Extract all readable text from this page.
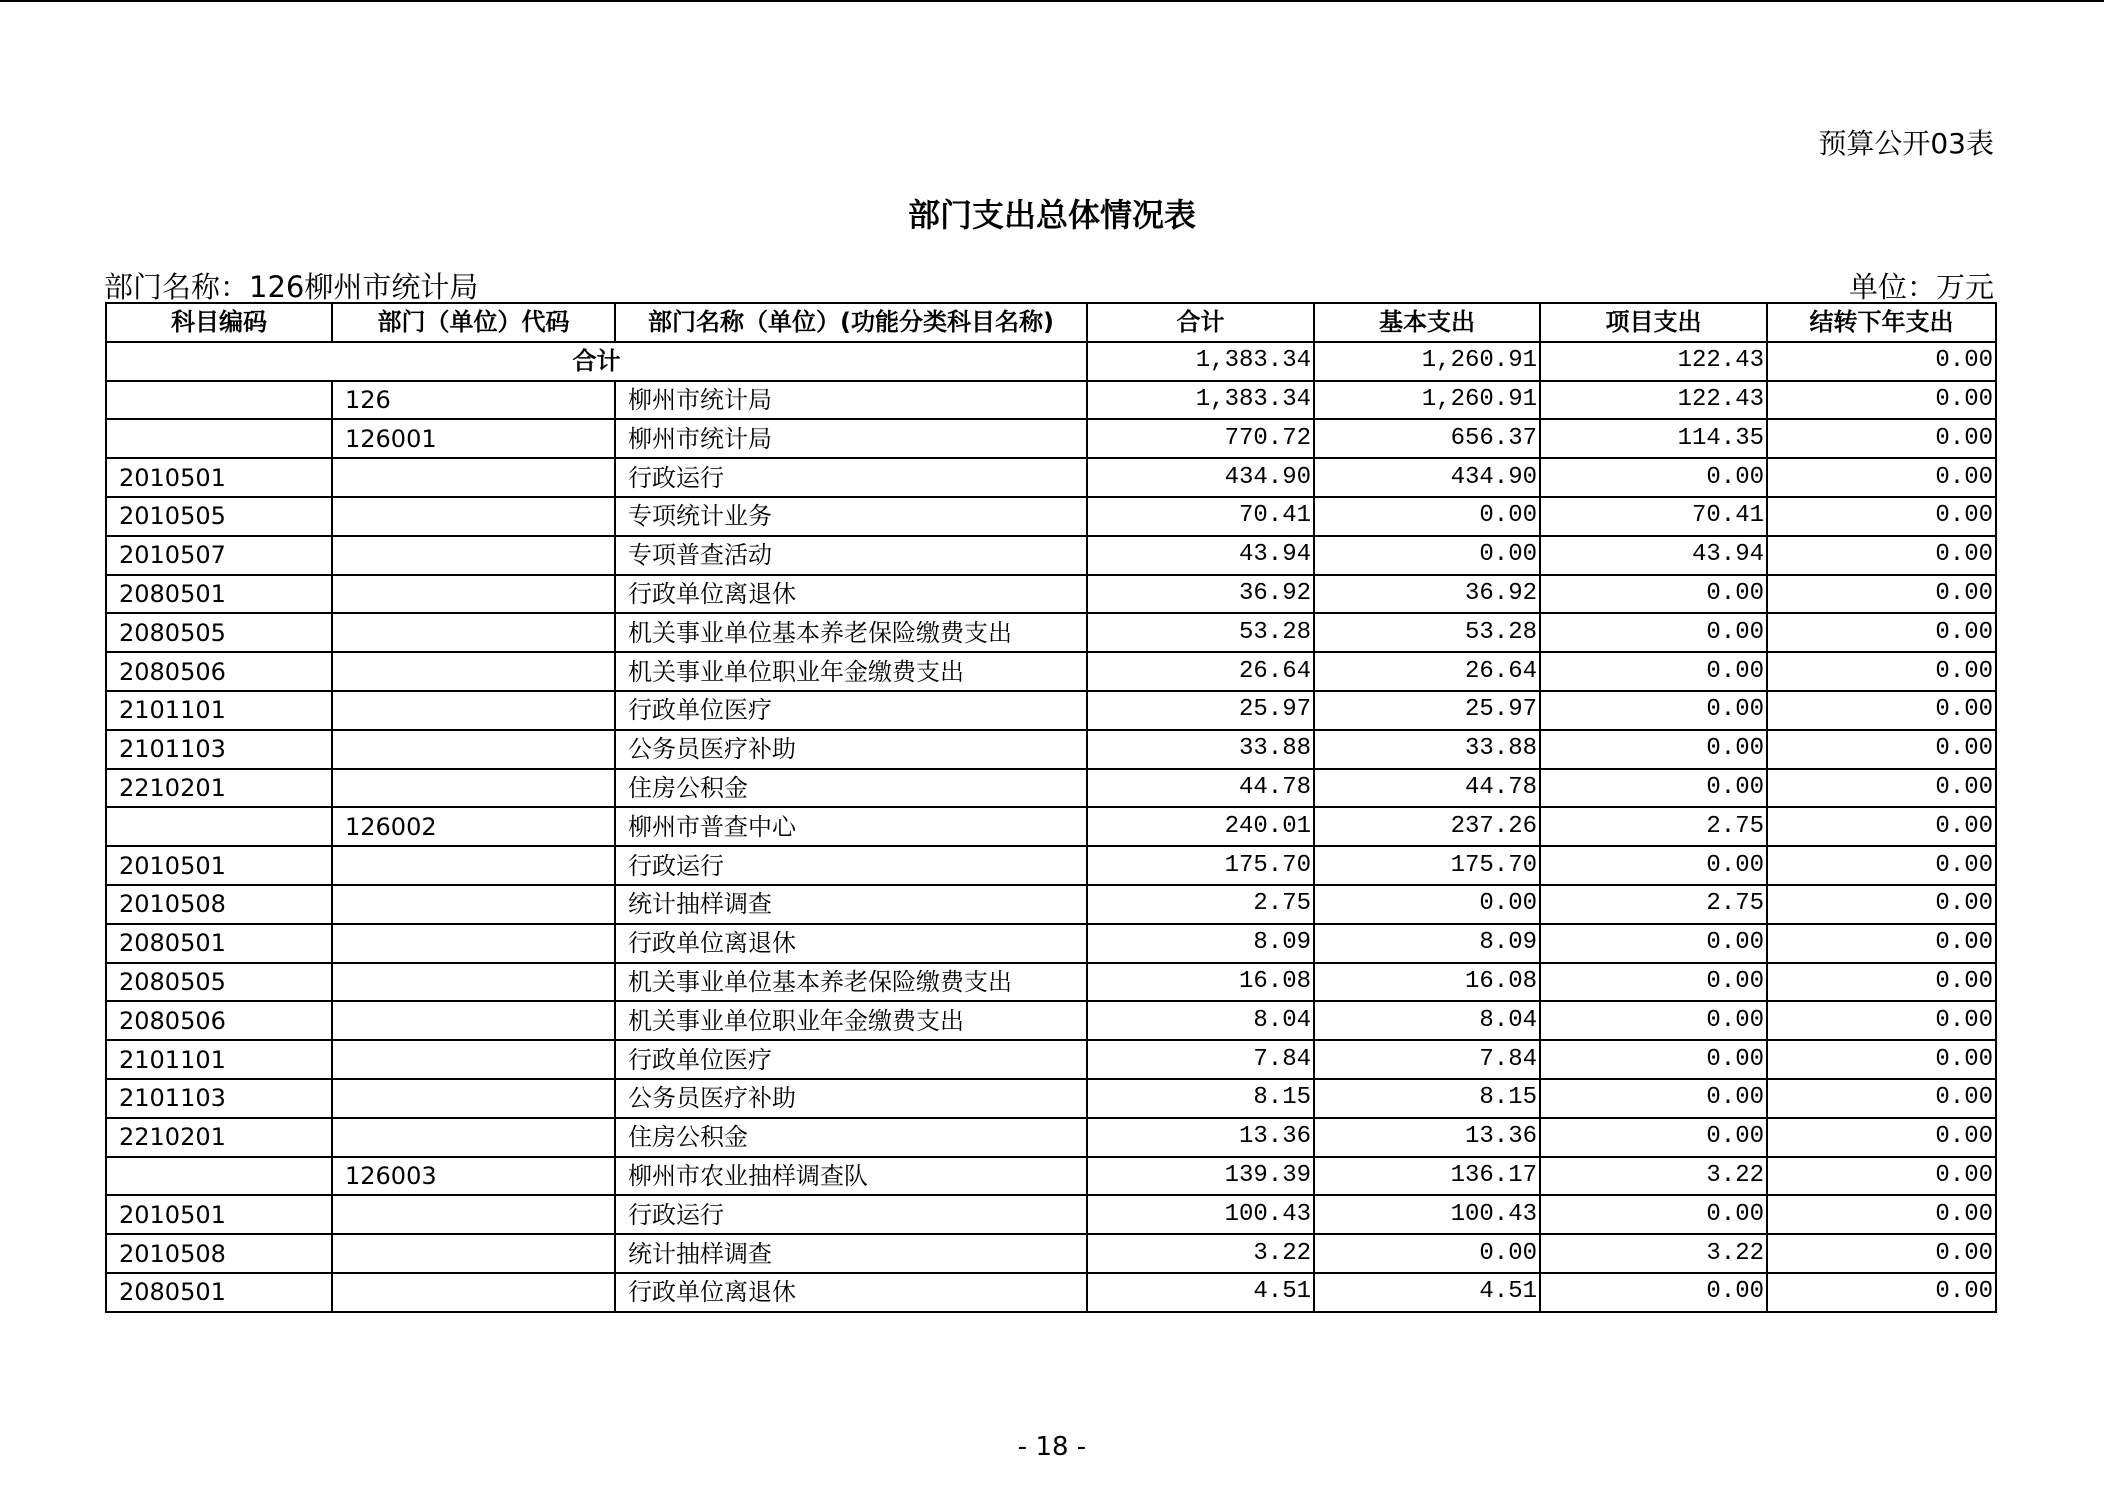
预算公开03表
部门支出总体情况表
部门名称：126柳州市统计局	单位：万元
科目编码	部门（单位）代码	部门名称（单位）(功能分类科目名称)	合计	基本支出	项目支出	结转下年支出
合计			1,383.34	1,260.91	122.43	0.00
	126	柳州市统计局	1,383.34	1,260.91	122.43	0.00
	126001	柳州市统计局	770.72	656.37	114.35	0.00
2010501		行政运行	434.90	434.90	0.00	0.00
2010505		专项统计业务	70.41	0.00	70.41	0.00
2010507		专项普查活动	43.94	0.00	43.94	0.00
2080501		行政单位离退休	36.92	36.92	0.00	0.00
2080505		机关事业单位基本养老保险缴费支出	53.28	53.28	0.00	0.00
2080506		机关事业单位职业年金缴费支出	26.64	26.64	0.00	0.00
2101101		行政单位医疗	25.97	25.97	0.00	0.00
2101103		公务员医疗补助	33.88	33.88	0.00	0.00
2210201		住房公积金	44.78	44.78	0.00	0.00
	126002	柳州市普查中心	240.01	237.26	2.75	0.00
2010501		行政运行	175.70	175.70	0.00	0.00
2010508		统计抽样调查	2.75	0.00	2.75	0.00
2080501		行政单位离退休	8.09	8.09	0.00	0.00
2080505		机关事业单位基本养老保险缴费支出	16.08	16.08	0.00	0.00
2080506		机关事业单位职业年金缴费支出	8.04	8.04	0.00	0.00
2101101		行政单位医疗	7.84	7.84	0.00	0.00
2101103		公务员医疗补助	8.15	8.15	0.00	0.00
2210201		住房公积金	13.36	13.36	0.00	0.00
	126003	柳州市农业抽样调查队	139.39	136.17	3.22	0.00
2010501		行政运行	100.43	100.43	0.00	0.00
2010508		统计抽样调查	3.22	0.00	3.22	0.00
2080501		行政单位离退休	4.51	4.51	0.00	0.00
- 18 -
